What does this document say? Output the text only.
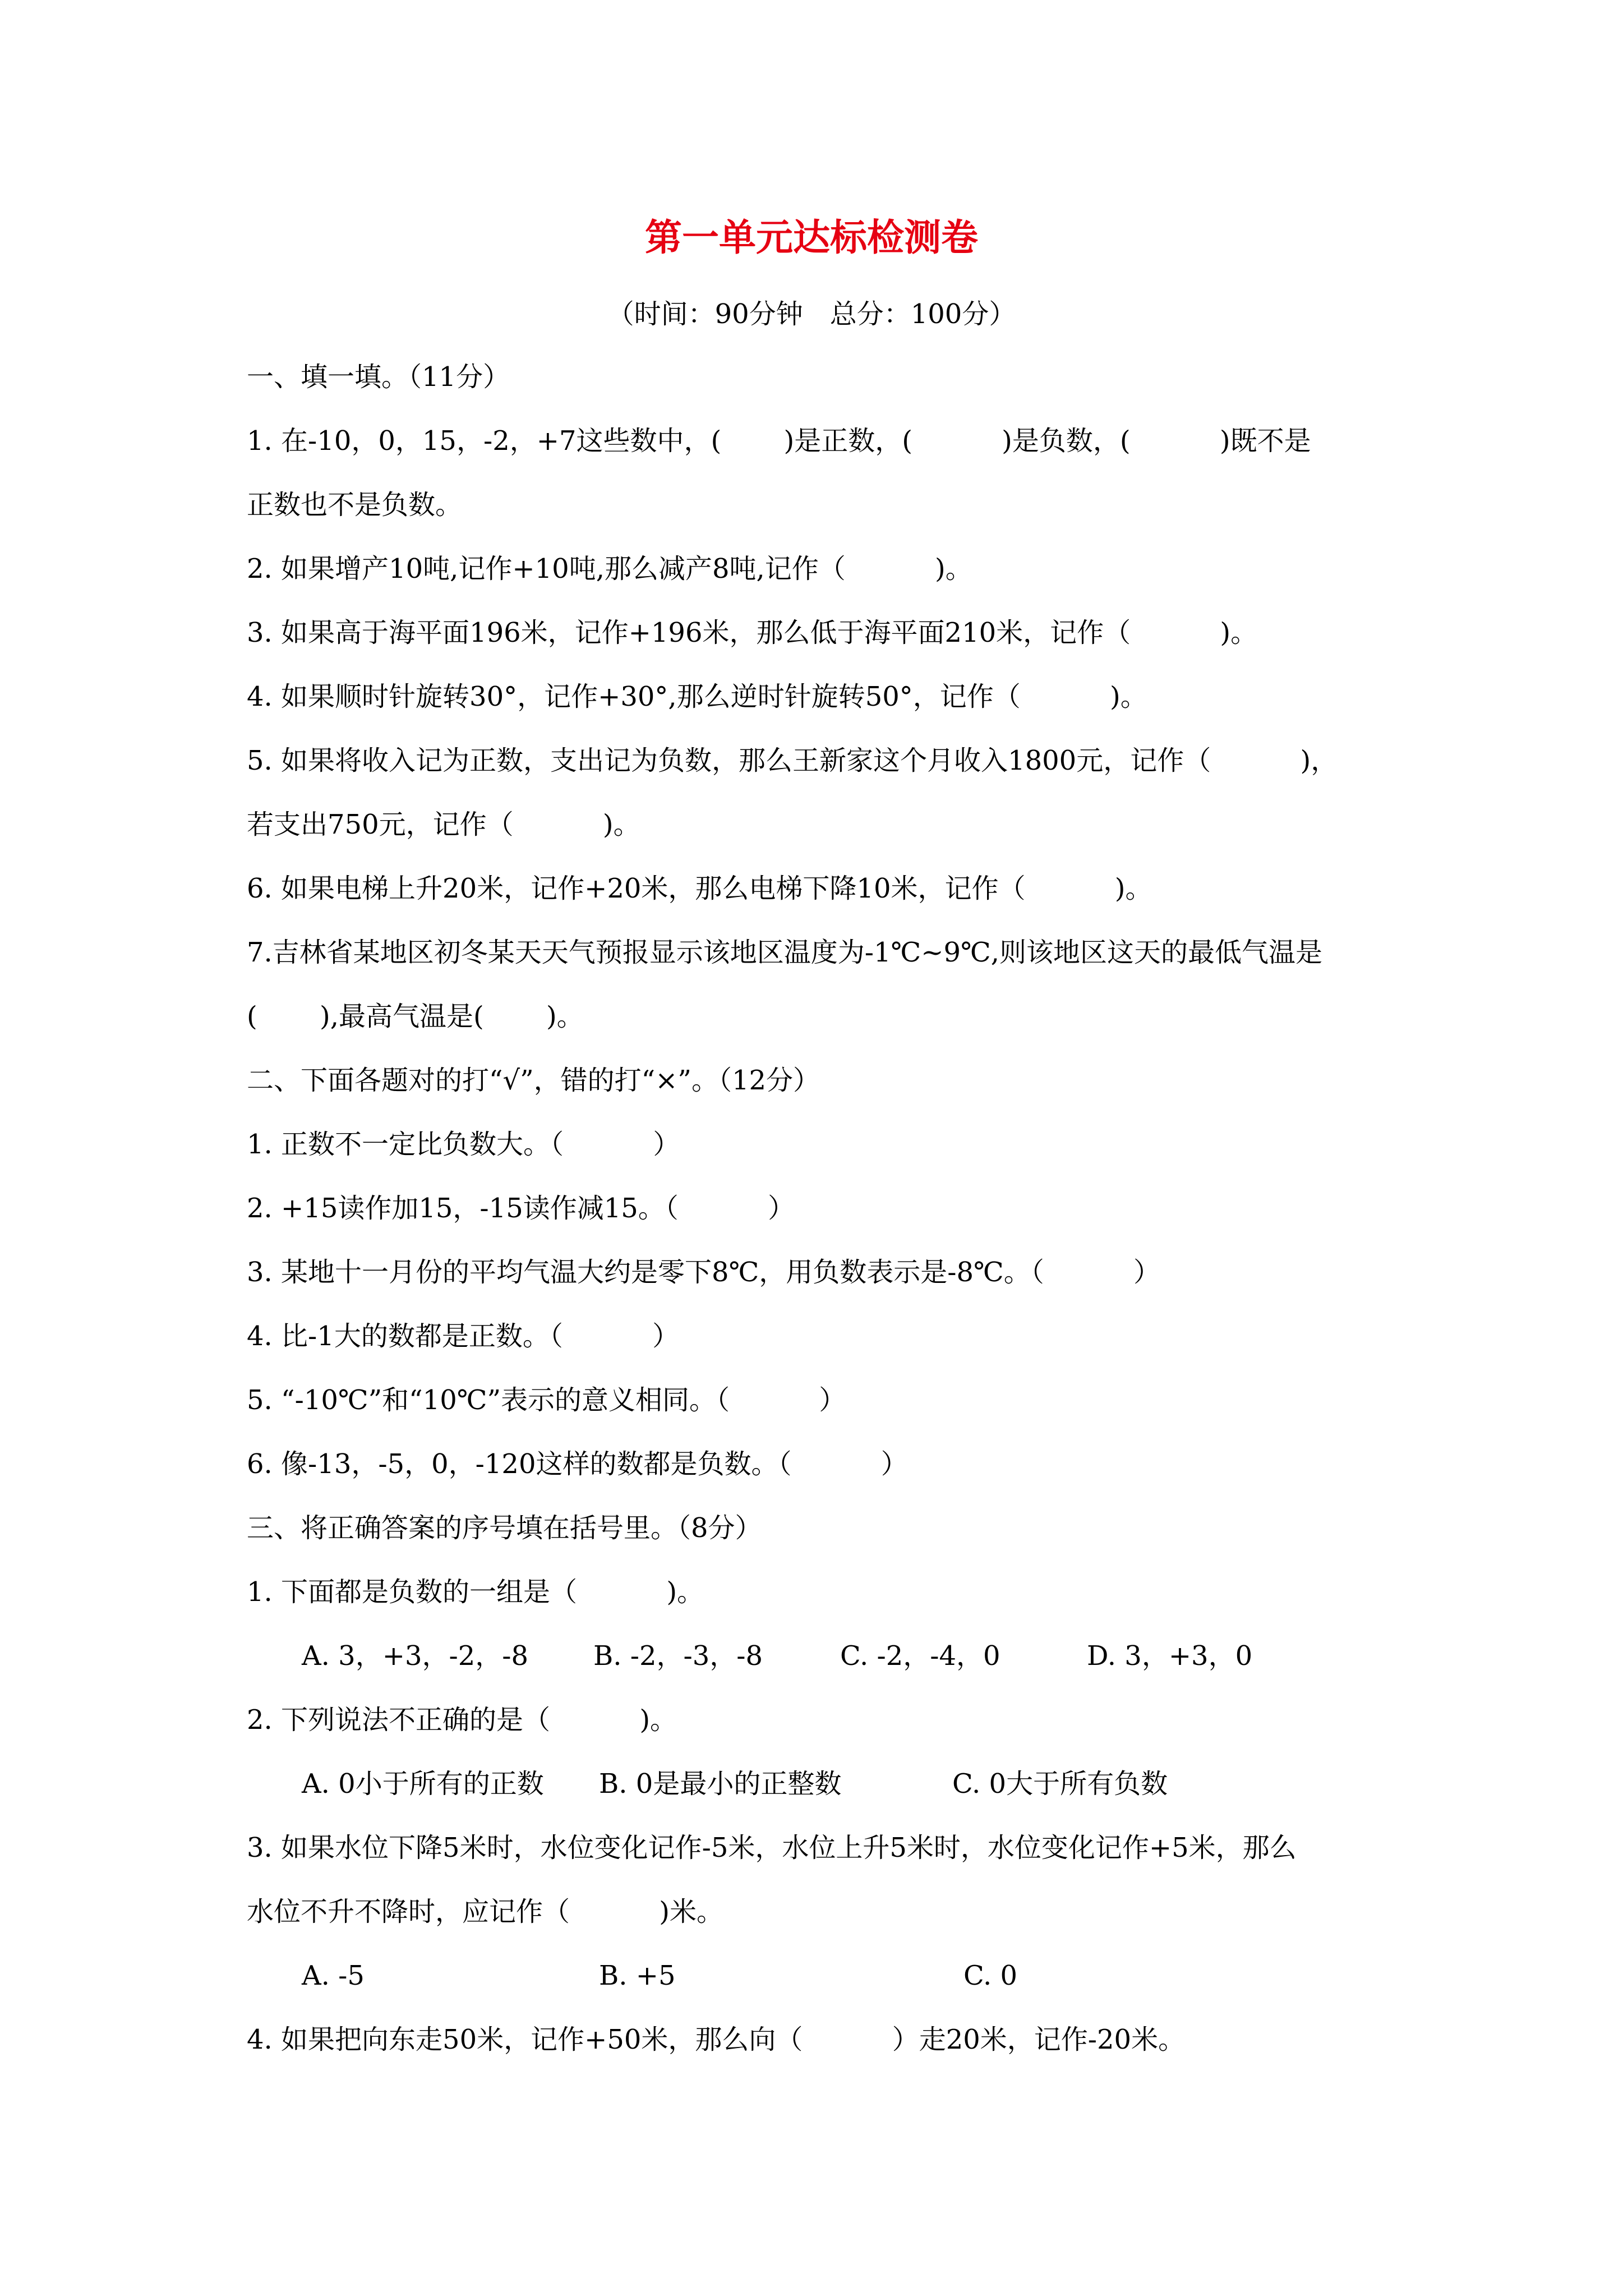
第一单元达标检测卷
（时间：90分钟　总分：100分）
一、填一填。（11分）
1. 在-10，0，15，-2，+7这些数中，(　　 )是正数，(　　　 )是负数，(　　　 )既不是
正数也不是负数。
2. 如果增产10吨,记作+10吨,那么减产8吨,记作（　　　 )。
3. 如果高于海平面196米，记作+196米，那么低于海平面210米，记作（　　　 )。
4. 如果顺时针旋转30°，记作+30°,那么逆时针旋转50°，记作（　　　 )。
5. 如果将收入记为正数，支出记为负数，那么王新家这个月收入1800元，记作（　　　 )，
若支出750元，记作（　　　 )。
6. 如果电梯上升20米，记作+20米，那么电梯下降10米，记作（　　　 )。
7.吉林省某地区初冬某天天气预报显示该地区温度为-1℃~9℃,则该地区这天的最低气温是
(　　 ),最高气温是(　　 )。
二、下面各题对的打“√”，错的打“×”。（12分）
1. 正数不一定比负数大。（　　　 ）
2. +15读作加15，-15读作减15。（　　　 ）
3. 某地十一月份的平均气温大约是零下8℃，用负数表示是-8℃。（　　　 ）
4. 比-1大的数都是正数。（　　　 ）
5. “-10℃”和“10℃”表示的意义相同。（　　　 ）
6. 像-13，-5，0，-120这样的数都是负数。（　　　 ）
三、将正确答案的序号填在括号里。（8分）
1. 下面都是负数的一组是（　　　 )。
A. 3，+3，-2，-8	B. -2，-3，-8	C. -2，-4，0	D. 3，+3，0
2. 下列说法不正确的是（　　　 )。
A. 0小于所有的正数	B. 0是最小的正整数	C. 0大于所有负数
3. 如果水位下降5米时，水位变化记作-5米，水位上升5米时，水位变化记作+5米，那么
水位不升不降时，应记作（　　　 )米。
A. -5	B. +5	C. 0
4. 如果把向东走50米，记作+50米，那么向（　　　 ）走20米，记作-20米。
